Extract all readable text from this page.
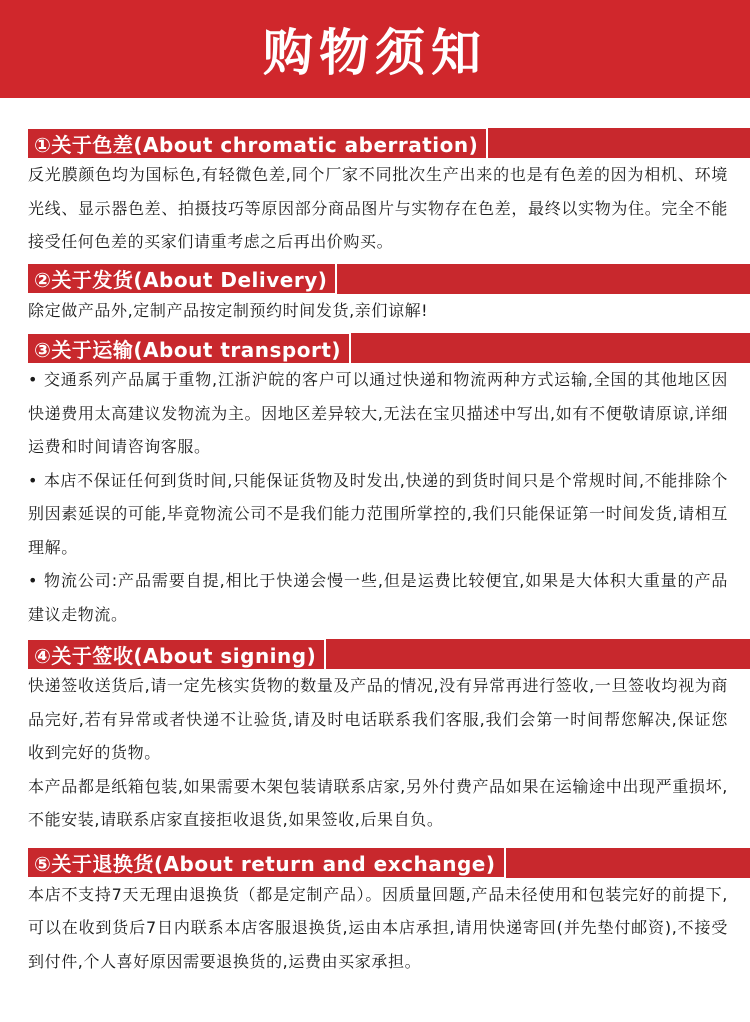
购物须知
①关于色差(About chromatic aberration)

反光膜颜色均为国标色,有轻微色差,同个厂家不同批次生产出来的也是有色差的因为相机、环境光线、显示器色差、拍摄技巧等原因部分商品图片与实物存在色差，最终以实物为住。完全不能接受任何色差的买家们请重考虑之后再出价购买。

②关于发货(About Delivery)

除定做产品外,定制产品按定制预约时间发货,亲们谅解!

③关于运输(About transport)

• 交通系列产品属于重物,江浙沪皖的客户可以通过快递和物流两种方式运输,全国的其他地区因快递费用太高建议发物流为主。因地区差异较大,无法在宝贝描述中写出,如有不便敬请原谅,详细运费和时间请咨询客服。

• 本店不保证任何到货时间,只能保证货物及时发出,快递的到货时间只是个常规时间,不能排除个别因素延误的可能,毕竟物流公司不是我们能力范围所掌控的,我们只能保证第一时间发货,请相互理解。

• 物流公司:产品需要自提,相比于快递会慢一些,但是运费比较便宜,如果是大体积大重量的产品建议走物流。

④关于签收(About signing)

快递签收送货后,请一定先核实货物的数量及产品的情况,没有异常再进行签收,一旦签收均视为商品完好,若有异常或者快递不让验货,请及时电话联系我们客服,我们会第一时间帮您解决,保证您收到完好的货物。

本产品都是纸箱包装,如果需要木架包装请联系店家,另外付费产品如果在运输途中出现严重损坏,不能安装,请联系店家直接拒收退货,如果签收,后果自负。

⑤关于退换货(About return and exchange)

本店不支持7天无理由退换货（都是定制产品）。因质量回题,产品未径使用和包装完好的前提下,可以在收到货后7日内联系本店客服退换货,运由本店承担,请用快递寄回(并先垫付邮资),不接受到付件,个人喜好原因需要退换货的,运费由买家承担。
